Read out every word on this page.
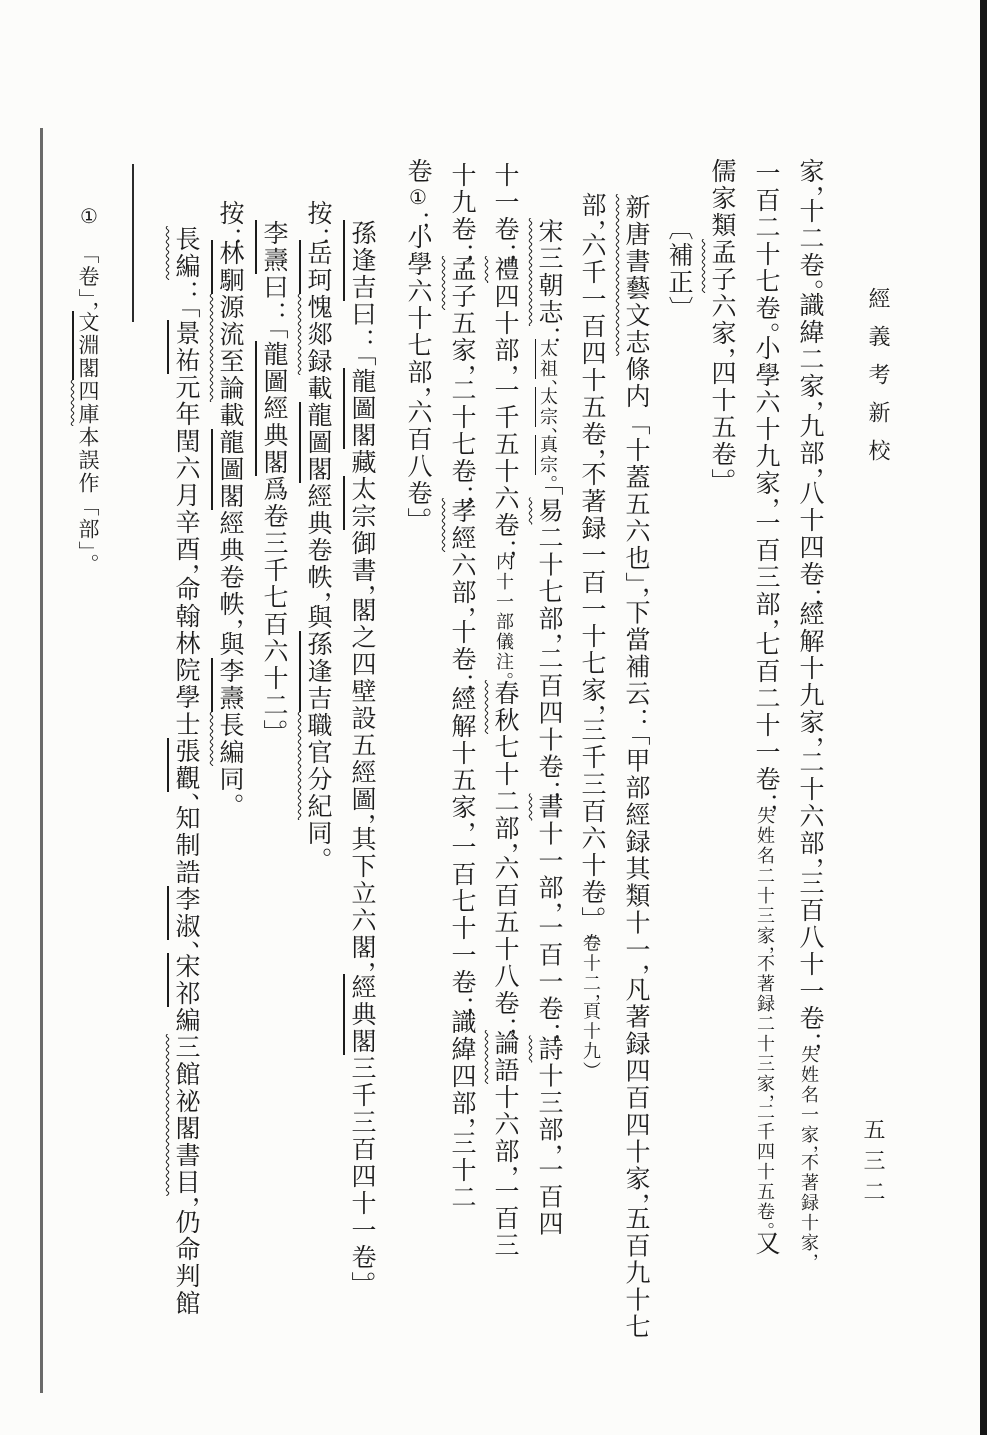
經義考新校
五三二
家，十二卷。識緯二家，九部，八十四卷；經解十九家，二十六部，三百八十一卷；失姓名一家，不著録十家，
一百二十七卷。小學六十九家，一百三部，七百二十一卷；失姓名二十三家，不著録二十三家，二千四十五卷。又
儒家類孟子六家，四十五卷。」
〔補正〕
新唐書藝文志條内「十蓋五六也」，下當補云：「甲部經録其類十一，凡著録四百四十家，五百九十七
部，六千一百四十五卷，不著録一百一十七家，三千三百六十卷。」卷十二，頁十九）
宋三朝志：太祖、太宗、真宗。「易二十七部，二百四十卷；書十一部，一百一卷；詩十三部，一百四
十一卷；禮四十部，一千五十六卷；内十一部儀注。春秋七十二部，六百五十八卷；論語十六部，一百三
十九卷；孟子五家，二十七卷；孝經六部，十卷；經解十五家，一百七十一卷；識緯四部，三十二
卷①；小學六十七部，六百八卷。」
孫逢吉曰：「龍圖閣藏太宗御書，閣之四壁設五經圖，其下立六閣，經典閣三千三百四十一卷。」
按：岳珂愧郯録載龍圖閣經典卷帙，與孫逢吉職官分紀同。
李燾曰：「龍圖經典閣爲卷三千七百六十二。」
按：林駉源流至論載龍圖閣經典卷帙，與李燾長編同。
長編：「景祐元年閏六月辛酉，命翰林院學士張觀、知制誥李淑、宋祁編三館祕閣書目，仍命判館
①　「卷」，文淵閣四庫本誤作「部」。
